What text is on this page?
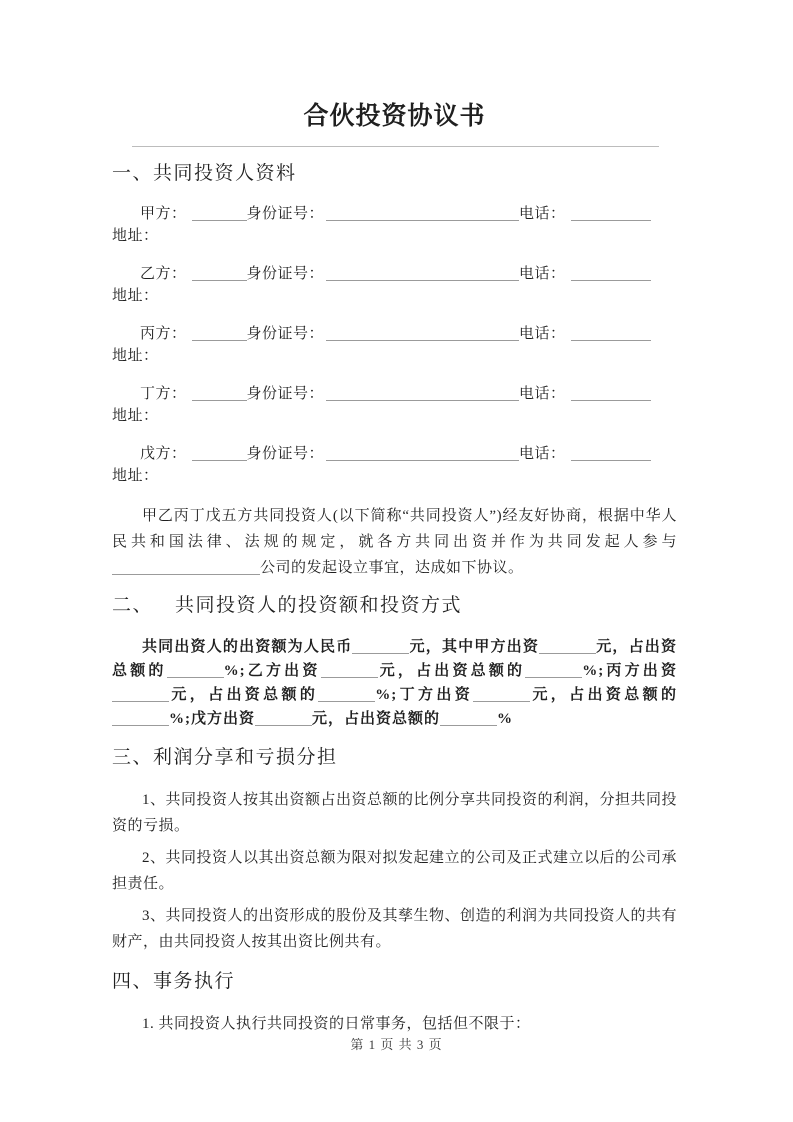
合伙投资协议书
一、共同投资人资料
甲方：	身份证号：	电话：
地址：
乙方：	身份证号：	电话：
地址：
丙方：	身份证号：	电话：
地址：
丁方：	身份证号：	电话：
地址：
戊方：	身份证号：	电话：
地址：

甲乙丙丁戊五方共同投资人(以下简称“共同投资人”)经友好协商，根据中华人民共和国法律、法规的规定，就各方共同出资并作为共同发起人参与公司的发起设立事宜，达成如下协议。

二、 共同投资人的投资额和投资方式

共同出资人的出资额为人民币	元，其中甲方出资	元，占出资总额的	%;乙方出资	元，占出资总额的	%;丙方出资元，占出资总额的	%;丁方出资	元，占出资总额的%;戊方出资	元，占出资总额的	%

三、利润分享和亏损分担

1、共同投资人按其出资额占出资总额的比例分享共同投资的利润，分担共同投资的亏损。

2、共同投资人以其出资总额为限对拟发起建立的公司及正式建立以后的公司承担责任。

3、共同投资人的出资形成的股份及其孳生物、创造的利润为共同投资人的共有财产，由共同投资人按其出资比例共有。

四、事务执行

1. 共同投资人执行共同投资的日常事务，包括但不限于：

第 1 页 共 3 页
